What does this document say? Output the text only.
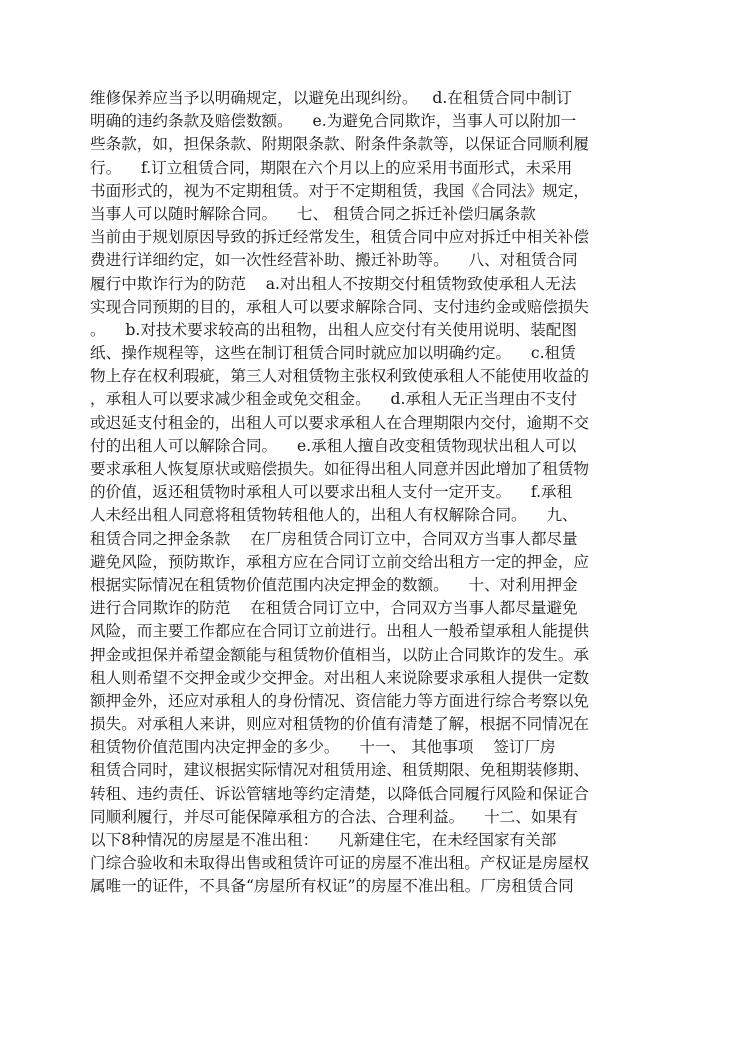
维修保养应当予以明确规定，以避免出现纠纷。   d.在租赁合同中制订
明确的违约条款及赔偿数额。    e.为避免合同欺诈，当事人可以附加一
些条款，如，担保条款、附期限条款、附条件条款等，以保证合同顺利履
行。    f.订立租赁合同，期限在六个月以上的应采用书面形式，未采用
书面形式的，视为不定期租赁。对于不定期租赁，我国《合同法》规定，
当事人可以随时解除合同。    七、 租赁合同之拆迁补偿归属条款
当前由于规划原因导致的拆迁经常发生，租赁合同中应对拆迁中相关补偿
费进行详细约定，如一次性经营补助、搬迁补助等。    八、对租赁合同
履行中欺诈行为的防范    a.对出租人不按期交付租赁物致使承租人无法
实现合同预期的目的，承租人可以要求解除合同、支付违约金或赔偿损失
。    b.对技术要求较高的出租物，出租人应交付有关使用说明、装配图
纸、操作规程等，这些在制订租赁合同时就应加以明确约定。    c.租赁
物上存在权利瑕疵，第三人对租赁物主张权利致使承租人不能使用收益的
，承租人可以要求减少租金或免交租金。    d.承租人无正当理由不支付
或迟延支付租金的，出租人可以要求承租人在合理期限内交付，逾期不交
付的出租人可以解除合同。    e.承租人擅自改变租赁物现状出租人可以
要求承租人恢复原状或赔偿损失。如征得出租人同意并因此增加了租赁物
的价值，返还租赁物时承租人可以要求出租人支付一定开支。    f.承租
人未经出租人同意将租赁物转租他人的，出租人有权解除合同。    九、
租赁合同之押金条款    在厂房租赁合同订立中，合同双方当事人都尽量
避免风险，预防欺诈，承租方应在合同订立前交给出租方一定的押金，应
根据实际情况在租赁物价值范围内决定押金的数额。    十、对利用押金
进行合同欺诈的防范    在租赁合同订立中，合同双方当事人都尽量避免
风险，而主要工作都应在合同订立前进行。出租人一般希望承租人能提供
押金或担保并希望金额能与租赁物价值相当，以防止合同欺诈的发生。承
租人则希望不交押金或少交押金。对出租人来说除要求承租人提供一定数
额押金外，还应对承租人的身份情况、资信能力等方面进行综合考察以免
损失。对承租人来讲，则应对租赁物的价值有清楚了解，根据不同情况在
租赁物价值范围内决定押金的多少。    十一、 其他事项    签订厂房
租赁合同时，建议根据实际情况对租赁用途、租赁期限、免租期装修期、
转租、违约责任、诉讼管辖地等约定清楚，以降低合同履行风险和保证合
同顺利履行，并尽可能保障承租方的合法、合理利益。    十二、如果有
以下8种情况的房屋是不准出租：    凡新建住宅，在未经国家有关部
门综合验收和未取得出售或租赁许可证的房屋不准出租。产权证是房屋权
属唯一的证件，不具备“房屋所有权证”的房屋不准出租。厂房租赁合同
